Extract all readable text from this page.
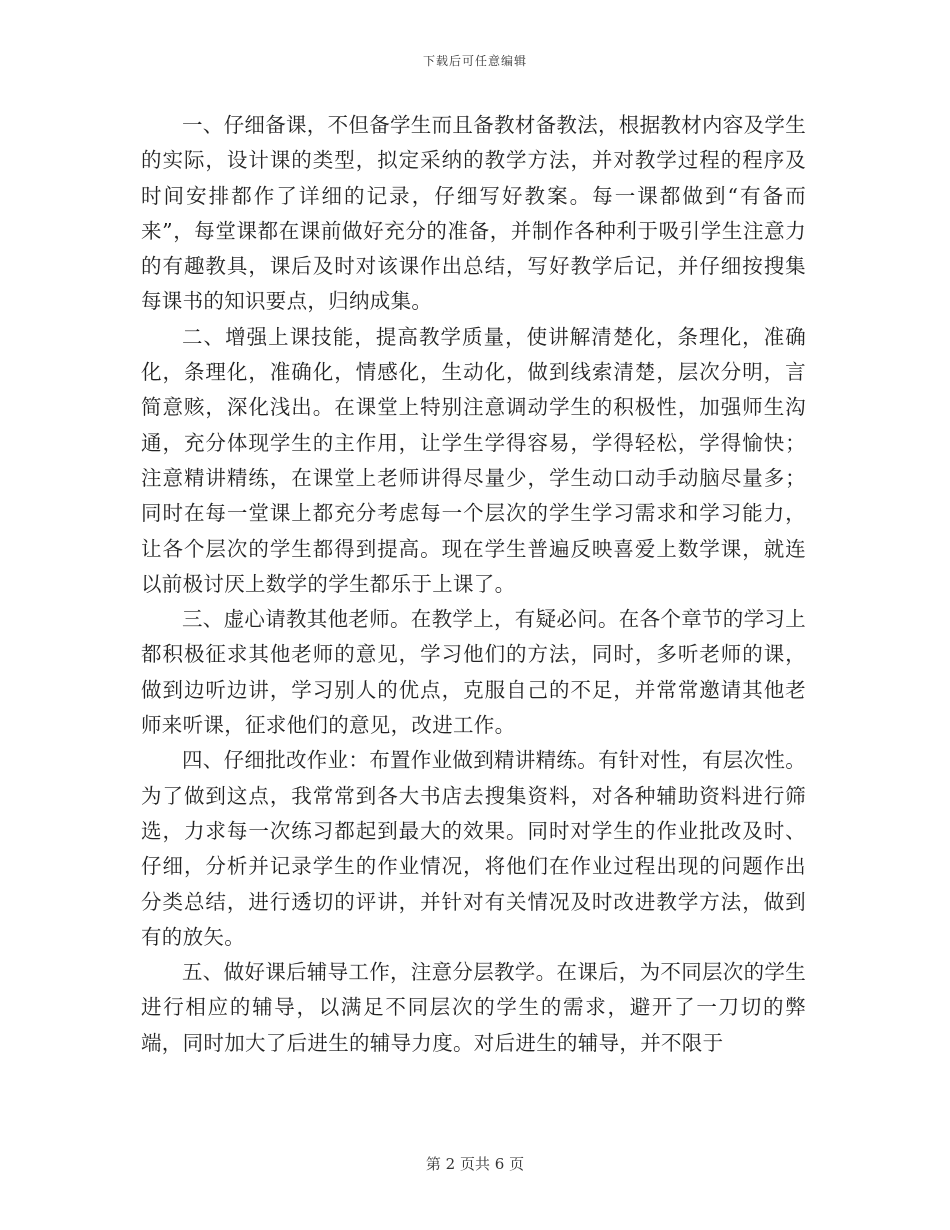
下载后可任意编辑

一、仔细备课，不但备学生而且备教材备教法，根据教材内容及学生的实际，设计课的类型，拟定采纳的教学方法，并对教学过程的程序及时间安排都作了详细的记录，仔细写好教案。每一课都做到“有备而来”，每堂课都在课前做好充分的准备，并制作各种利于吸引学生注意力的有趣教具，课后及时对该课作出总结，写好教学后记，并仔细按搜集每课书的知识要点，归纳成集。

二、增强上课技能，提高教学质量，使讲解清楚化，条理化，准确化，条理化，准确化，情感化，生动化，做到线索清楚，层次分明，言简意赅，深化浅出。在课堂上特别注意调动学生的积极性，加强师生沟通，充分体现学生的主作用，让学生学得容易，学得轻松，学得愉快；注意精讲精练，在课堂上老师讲得尽量少，学生动口动手动脑尽量多；同时在每一堂课上都充分考虑每一个层次的学生学习需求和学习能力，让各个层次的学生都得到提高。现在学生普遍反映喜爱上数学课，就连以前极讨厌上数学的学生都乐于上课了。

三、虚心请教其他老师。在教学上，有疑必问。在各个章节的学习上都积极征求其他老师的意见，学习他们的方法，同时，多听老师的课，做到边听边讲，学习别人的优点，克服自己的不足，并常常邀请其他老师来听课，征求他们的意见，改进工作。

四、仔细批改作业：布置作业做到精讲精练。有针对性，有层次性。为了做到这点，我常常到各大书店去搜集资料，对各种辅助资料进行筛选，力求每一次练习都起到最大的效果。同时对学生的作业批改及时、仔细，分析并记录学生的作业情况，将他们在作业过程出现的问题作出分类总结，进行透切的评讲，并针对有关情况及时改进教学方法，做到有的放矢。

五、做好课后辅导工作，注意分层教学。在课后，为不同层次的学生进行相应的辅导，以满足不同层次的学生的需求，避开了一刀切的弊端，同时加大了后进生的辅导力度。对后进生的辅导，并不限于

第 2 页共 6 页
